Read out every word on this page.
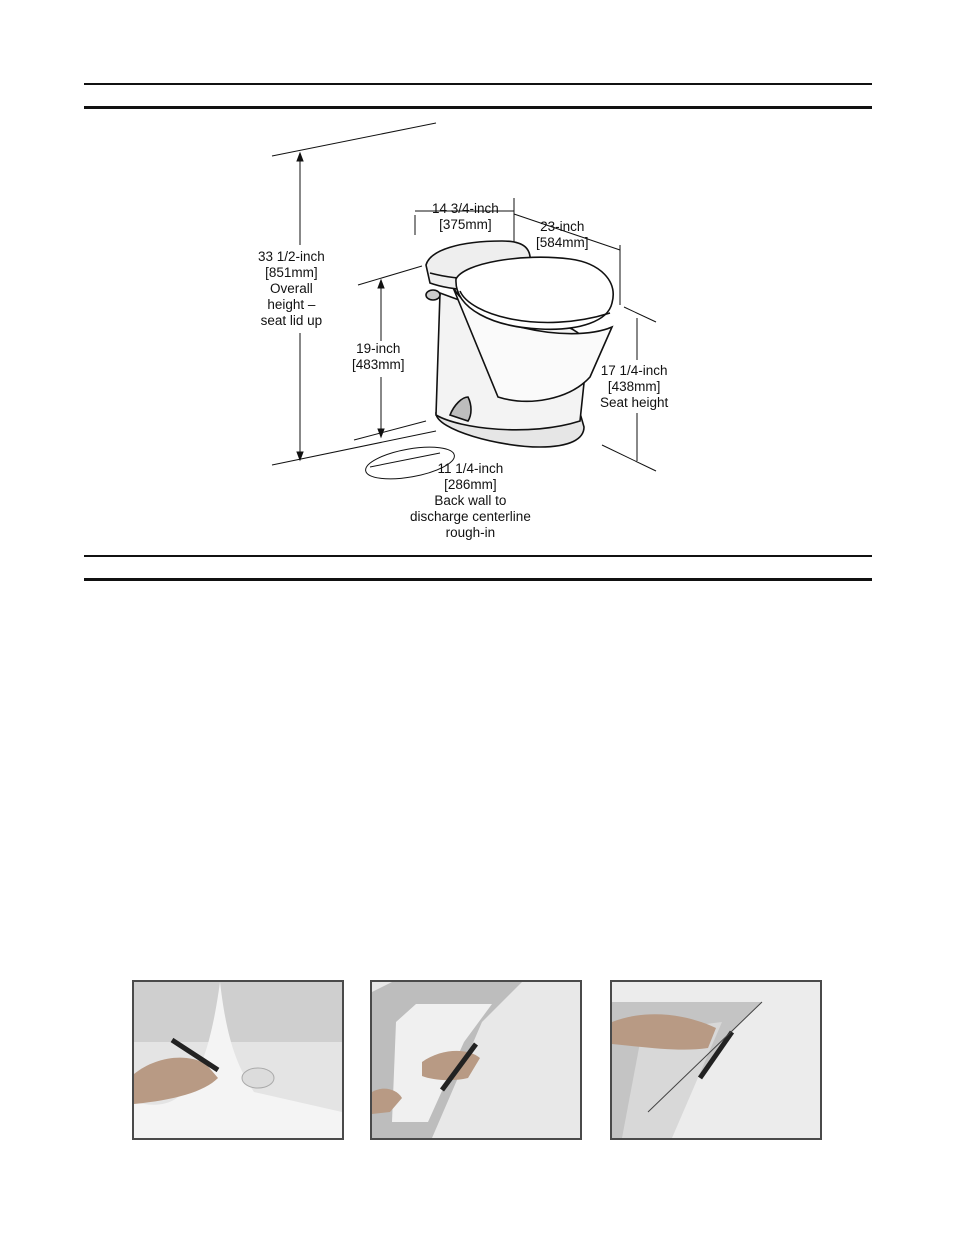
33 1/2-inch
[851mm]
Overall
height –
seat lid up
19-inch
[483mm]
14 3/4-inch
[375mm]	23-inch
[584mm]
17 1/4-inch
[438mm]
Seat height
11 1/4-inch
[286mm]
Back wall to
discharge centerline
rough-in
